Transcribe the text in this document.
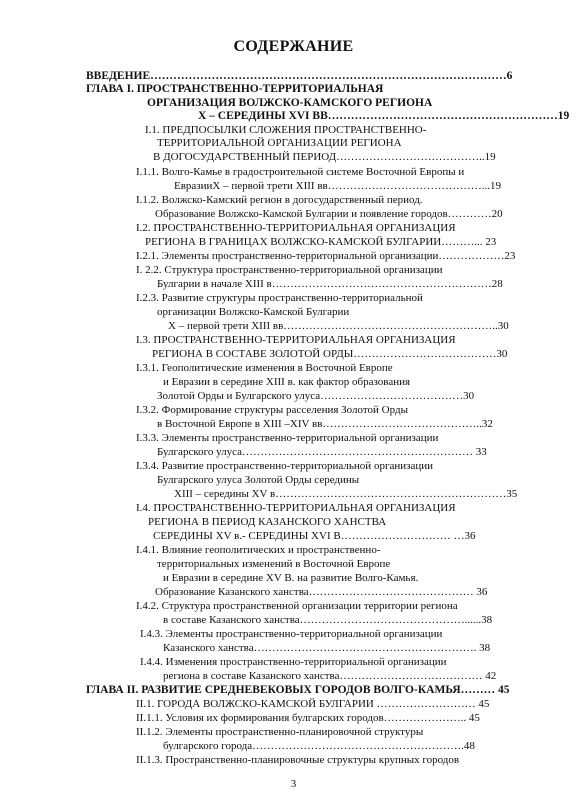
СОДЕРЖАНИЕ
ВВЕДЕНИЕ…………………………………………………………………………………6
ГЛАВА I. ПРОСТРАНСТВЕННО-ТЕРРИТОРИАЛЬНАЯ
ОРГАНИЗАЦИЯ ВОЛЖСКО-КАМСКОГО РЕГИОНА
X – СЕРЕДИНЫ XVI ВВ……………………………………………………19
I.1. ПРЕДПОСЫЛКИ СЛОЖЕНИЯ ПРОСТРАНСТВЕННО-
ТЕРРИТОРИАЛЬНОЙ ОРГАНИЗАЦИИ РЕГИОНА
В ДОГОСУДАРСТВЕННЫЙ ПЕРИОД…………………………………..19
I.1.1. Волго-Камье в градостроительной системе Восточной Европы и
ЕвразииX – первой трети XIII вв……………………………………...19
I.1.2. Волжско-Камский регион в догосударственный период.
Образование Волжско-Камской Булгарии и появление городов…………20
I.2. ПРОСТРАНСТВЕННО-ТЕРРИТОРИАЛЬНАЯ ОРГАНИЗАЦИЯ
РЕГИОНА В ГРАНИЦАХ ВОЛЖСКО-КАМСКОЙ БУЛГАРИИ………... 23
I.2.1. Элементы пространственно-территориальной организации………………23
I. 2.2. Структура пространственно-территориальной организации
Булгарии в начале XIII в……………………………………………………28
I.2.3. Развитие структуры пространственно-территориальной
организации Волжско-Камской Булгарии
X – первой трети XIII вв…………………………………………………..30
I.3. ПРОСТРАНСТВЕННО-ТЕРРИТОРИАЛЬНАЯ ОРГАНИЗАЦИЯ
РЕГИОНА В СОСТАВЕ ЗОЛОТОЙ ОРДЫ…………………………………30
I.3.1. Геополитические изменения в Восточной Европе
и Евразии в середине XIII в. как фактор образования
Золотой Орды и Булгарского улуса…………………………………30
I.3.2. Формирование структуры расселения Золотой Орды
в Восточной Европе в XIII –XIV вв……………………………………..32
I.3.3. Элементы пространственно-территориальной организации
Булгарского улуса……………………………………………………… 33
I.3.4. Развитие пространственно-территориальной организации
Булгарского улуса Золотой Орды середины
XIII – середины XV в………………………………………………………35
I.4. ПРОСТРАНСТВЕННО-ТЕРРИТОРИАЛЬНАЯ ОРГАНИЗАЦИЯ
РЕГИОНА В ПЕРИОД КАЗАНСКОГО ХАНСТВА
СЕРЕДИНЫ XV в.- СЕРЕДИНЫ XVI В………………………… …36
I.4.1. Влияние геополитических и пространственно-
территориальных изменений в Восточной Европе
и Евразии в середине XV В. на развитие Волго-Камья.
Образование Казанского ханства……………………………………… 36
I.4.2. Структура пространственной организации территории региона
в составе Казанского ханства………………………………………......38
I.4.3. Элементы пространственно-территориальной организации
Казанского ханства……………………………………………………. 38
I.4.4. Изменения пространственно-территориальной организации
региона в составе Казанского ханства………………………………… 42
ГЛАВА II. РАЗВИТИЕ СРЕДНЕВЕКОВЫХ ГОРОДОВ ВОЛГО-КАМЬЯ……… 45
II.1. ГОРОДА ВОЛЖСКО-КАМСКОЙ БУЛГАРИИ ……………………… 45
II.1.1. Условия их формирования булгарских городов………………….. 45
II.1.2. Элементы пространственно-планировочной структуры
булгарского города………………………………………………….48
II.1.3. Пространственно-планировочные структуры крупных городов
3
